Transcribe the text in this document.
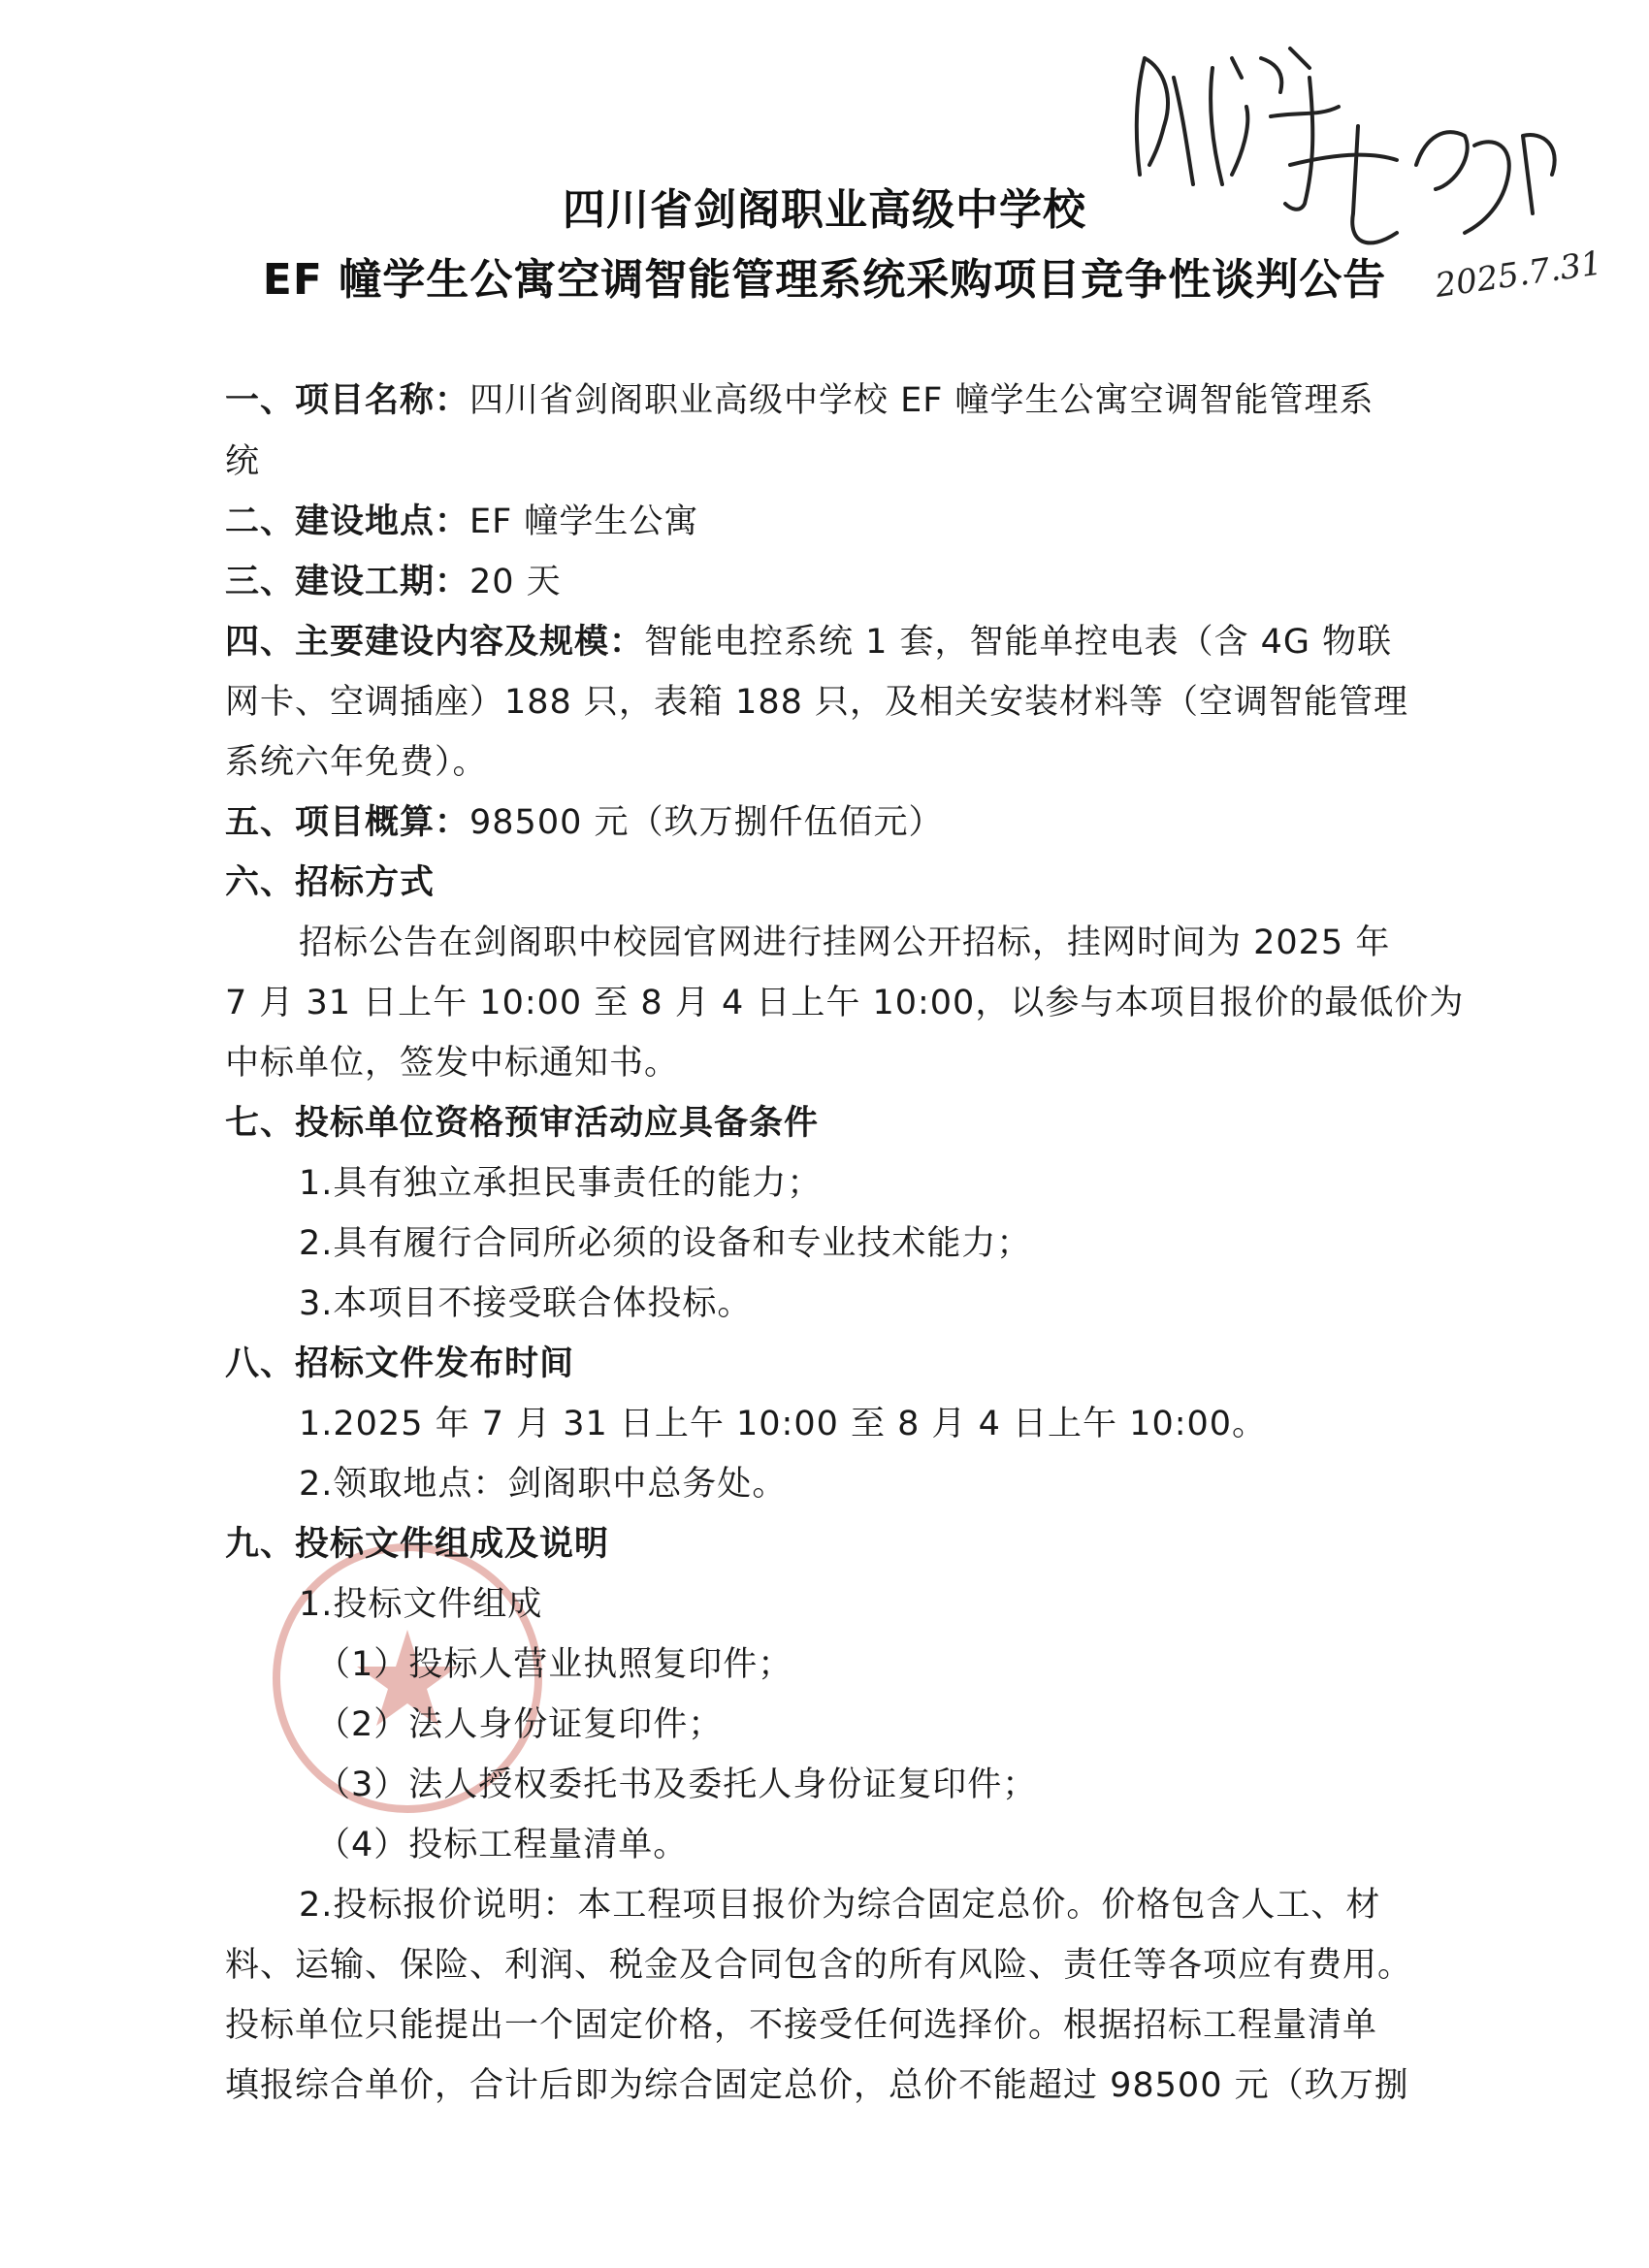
2025.7.31
四川省剑阁职业高级中学校
EF 幢学生公寓空调智能管理系统采购项目竞争性谈判公告
一、项目名称：四川省剑阁职业高级中学校 EF 幢学生公寓空调智能管理系
统
二、建设地点：EF 幢学生公寓
三、建设工期：20 天
四、主要建设内容及规模：智能电控系统 1 套，智能单控电表（含 4G 物联
网卡、空调插座）188 只，表箱 188 只，及相关安装材料等（空调智能管理
系统六年免费）。
五、项目概算：98500 元（玖万捌仟伍佰元）
六、招标方式
招标公告在剑阁职中校园官网进行挂网公开招标，挂网时间为 2025 年
7 月 31 日上午 10:00 至 8 月 4 日上午 10:00，以参与本项目报价的最低价为
中标单位，签发中标通知书。
七、投标单位资格预审活动应具备条件
1.具有独立承担民事责任的能力；
2.具有履行合同所必须的设备和专业技术能力；
3.本项目不接受联合体投标。
八、招标文件发布时间
1.2025 年 7 月 31 日上午 10:00 至 8 月 4 日上午 10:00。
2.领取地点：剑阁职中总务处。
九、投标文件组成及说明
1.投标文件组成
（1）投标人营业执照复印件；
（2）法人身份证复印件；
（3）法人授权委托书及委托人身份证复印件；
（4）投标工程量清单。
2.投标报价说明：本工程项目报价为综合固定总价。价格包含人工、材
料、运输、保险、利润、税金及合同包含的所有风险、责任等各项应有费用。
投标单位只能提出一个固定价格，不接受任何选择价。根据招标工程量清单
填报综合单价，合计后即为综合固定总价，总价不能超过 98500 元（玖万捌
